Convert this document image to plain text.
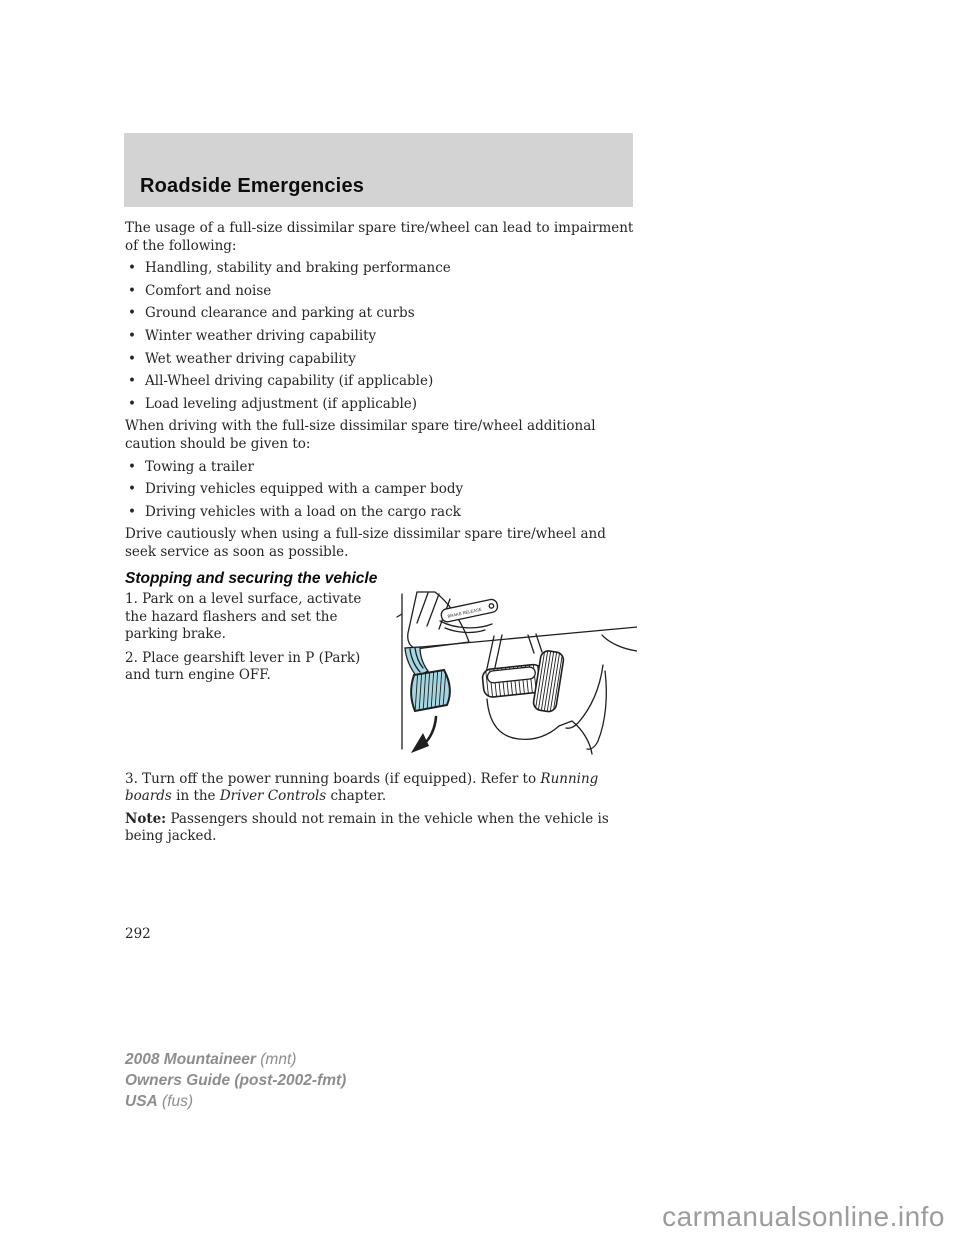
Roadside Emergencies

The usage of a full-size dissimilar spare tire/wheel can lead to impairment of the following:

• Handling, stability and braking performance
• Comfort and noise
• Ground clearance and parking at curbs
• Winter weather driving capability
• Wet weather driving capability
• All-Wheel driving capability (if applicable)
• Load leveling adjustment (if applicable)

When driving with the full-size dissimilar spare tire/wheel additional caution should be given to:

• Towing a trailer
• Driving vehicles equipped with a camper body
• Driving vehicles with a load on the cargo rack

Drive cautiously when using a full-size dissimilar spare tire/wheel and seek service as soon as possible.

Stopping and securing the vehicle

1. Park on a level surface, activate the hazard flashers and set the parking brake.

2. Place gearshift lever in P (Park) and turn engine OFF.

BRAKE RELEASE

3. Turn off the power running boards (if equipped). Refer to Running boards in the Driver Controls chapter.

Note: Passengers should not remain in the vehicle when the vehicle is being jacked.

292
2008 Mountaineer (mnt)
Owners Guide (post-2002-fmt)
USA (fus)
carmanualsonline.info
